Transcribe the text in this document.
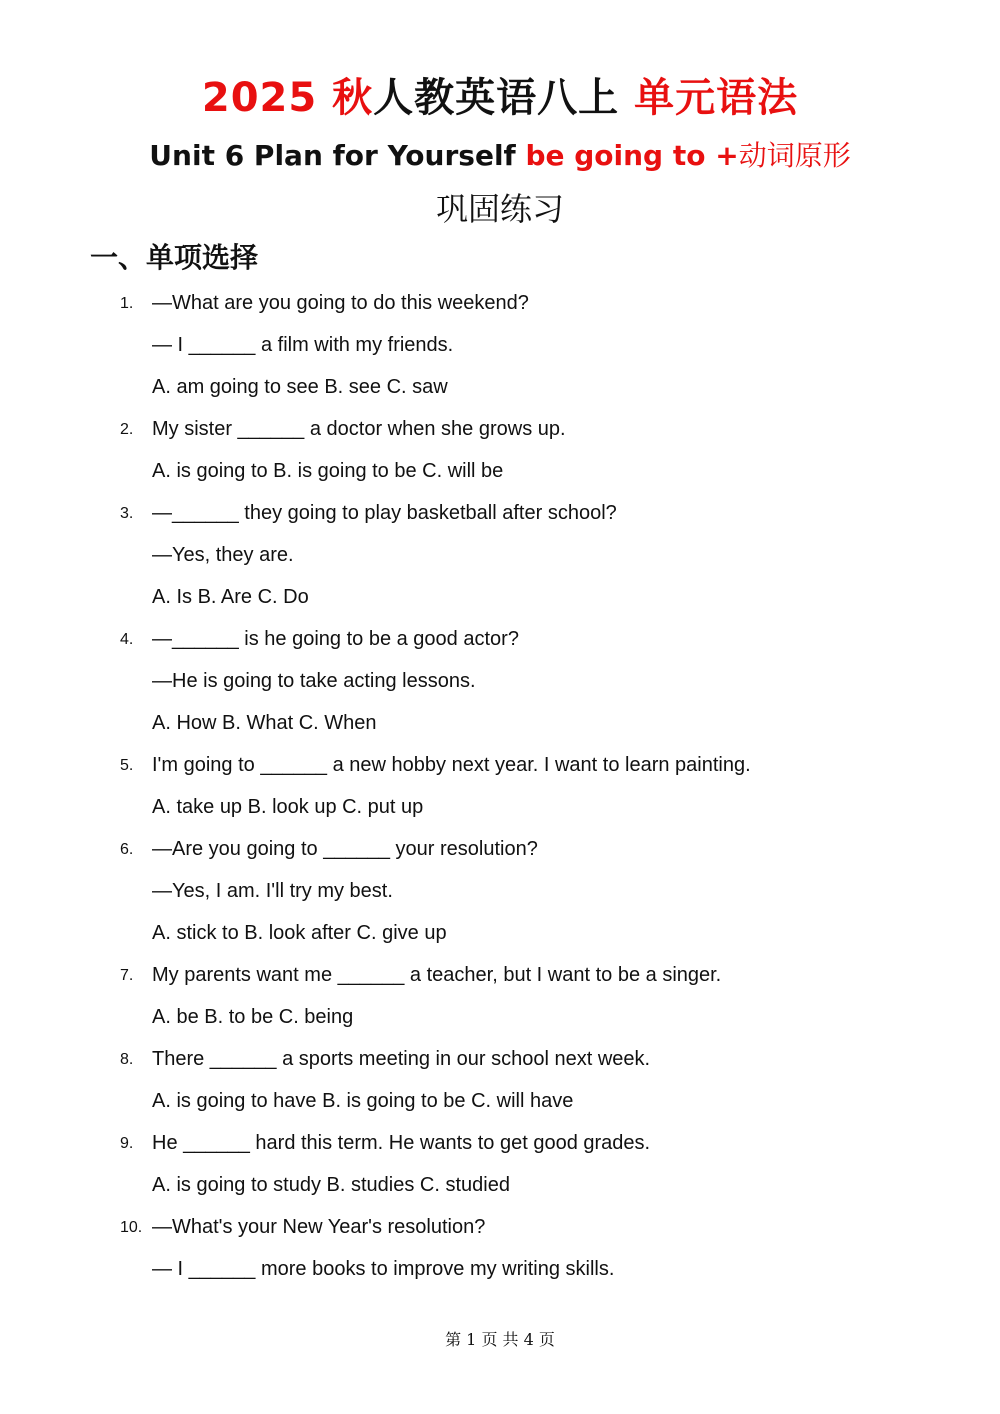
2025 秋人教英语八上 单元语法
Unit 6 Plan for Yourself be going to +动词原形
巩固练习
一、单项选择
1. —What are you going to do this weekend?
— I ______ a film with my friends.
A. am going to see B. see C. saw
2. My sister ______ a doctor when she grows up.
A. is going to B. is going to be C. will be
3. —______ they going to play basketball after school?
—Yes, they are.
A. Is B. Are C. Do
4. —______ is he going to be a good actor?
—He is going to take acting lessons.
A. How B. What C. When
5. I'm going to ______ a new hobby next year. I want to learn painting.
A. take up B. look up C. put up
6. —Are you going to ______ your resolution?
—Yes, I am. I'll try my best.
A. stick to B. look after C. give up
7. My parents want me ______ a teacher, but I want to be a singer.
A. be B. to be C. being
8. There ______ a sports meeting in our school next week.
A. is going to have B. is going to be C. will have
9. He ______ hard this term. He wants to get good grades.
A. is going to study B. studies C. studied
10. —What's your New Year's resolution?
— I ______ more books to improve my writing skills.
第 1 页 共 4 页
